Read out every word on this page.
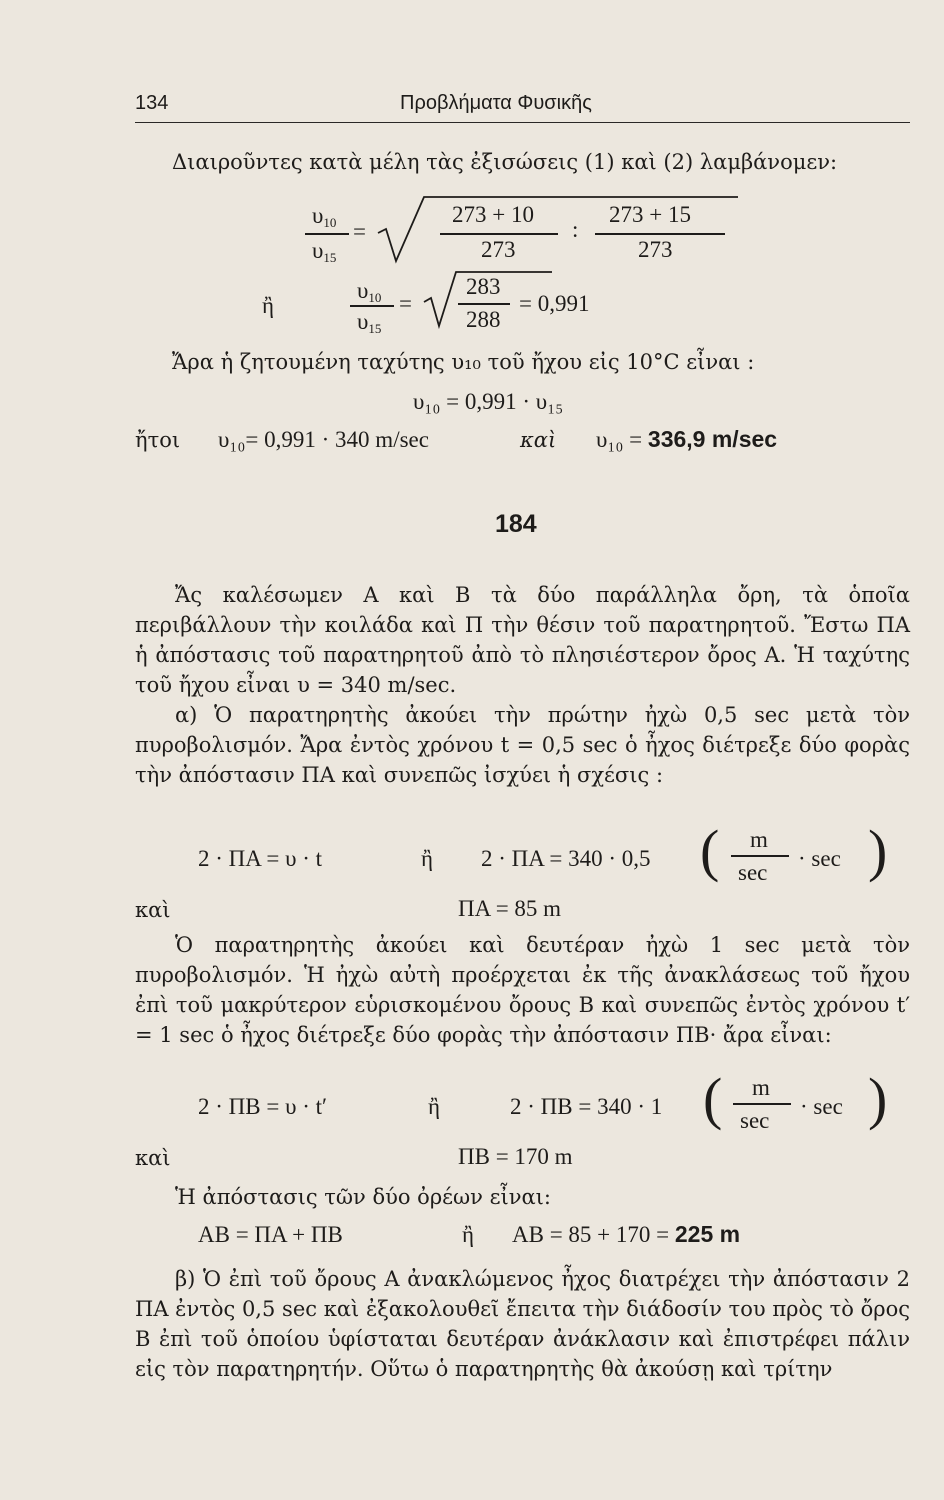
134	Προβλήματα Φυσικῆς
Διαιροῦντες κατὰ μέλη τὰς ἐξισώσεις (1) καὶ (2) λαμβάνομεν:
$\upsilon_{10}$
$\upsilon_{15}$
=
273 + 10
273
:
273 + 15
273
ἢ
$\upsilon_{10}$
$\upsilon_{15}$
=
283
288
= 0,991
Ἄρα ἡ ζητουμένη ταχύτης υ₁₀ τοῦ ἤχου εἰς 10°C εἶναι :
υ₁₀ = 0,991 · υ₁₅
ἤτοι υ₁₀= 0,991 · 340 m/sec	καὶ υ₁₀ = 336,9 m/sec
184

Ἄς καλέσωμεν Α καὶ Β τὰ δύο παράλληλα ὄρη, τὰ ὁποῖα περιβάλλουν τὴν κοιλάδα καὶ Π τὴν θέσιν τοῦ παρατηρητοῦ. Ἔστω ΠΑ ἡ ἀπόστασις τοῦ παρατηρητοῦ ἀπὸ τὸ πλησιέστερον ὄρος Α. Ἡ ταχύτης τοῦ ἤχου εἶναι υ = 340 m/sec.

α) Ὁ παρατηρητὴς ἀκούει τὴν πρώτην ἠχὼ 0,5 sec μετὰ τὸν πυροβολισμόν. Ἄρα ἐντὸς χρόνου t = 0,5 sec ὁ ἦχος διέτρεξε δύο φορὰς τὴν ἀπόστασιν ΠΑ καὶ συνεπῶς ἰσχύει ἡ σχέσις :

2 · ΠΑ = υ · t	ἢ 2 · ΠΑ = 340 · 0,5 ( m
sec
· sec )
καὶ	ΠΑ = 85 m

Ὁ παρατηρητὴς ἀκούει καὶ δευτέραν ἠχὼ 1 sec μετὰ τὸν πυροβολισμόν. Ἡ ἠχὼ αὐτὴ προέρχεται ἐκ τῆς ἀνακλάσεως τοῦ ἤχου ἐπὶ τοῦ μακρύτερον εὑρισκομένου ὄρους Β καὶ συνεπῶς ἐντὸς χρόνου t′ = 1 sec ὁ ἦχος διέτρεξε δύο φορὰς τὴν ἀπόστασιν ΠΒ· ἄρα εἶναι:

2 · ΠΒ = υ · t′	ἢ	2 · ΠΒ = 340 · 1 ( m
sec
· sec )
καὶ	ΠΒ = 170 m
Ἡ ἀπόστασις τῶν δύο ὀρέων εἶναι:
ΑΒ = ΠΑ + ΠΒ	ἢ ΑΒ = 85 + 170 = 225 m

β) Ὁ ἐπὶ τοῦ ὄρους Α ἀνακλώμενος ἦχος διατρέχει τὴν ἀπόστασιν 2 ΠΑ ἐντὸς 0,5 sec καὶ ἐξακολουθεῖ ἔπειτα τὴν διάδοσίν του πρὸς τὸ ὄρος Β ἐπὶ τοῦ ὁποίου ὑφίσταται δευτέραν ἀνάκλασιν καὶ ἐπιστρέφει πάλιν εἰς τὸν παρατηρητήν. Οὕτω ὁ παρατηρητὴς θὰ ἀκούσῃ καὶ τρίτην
